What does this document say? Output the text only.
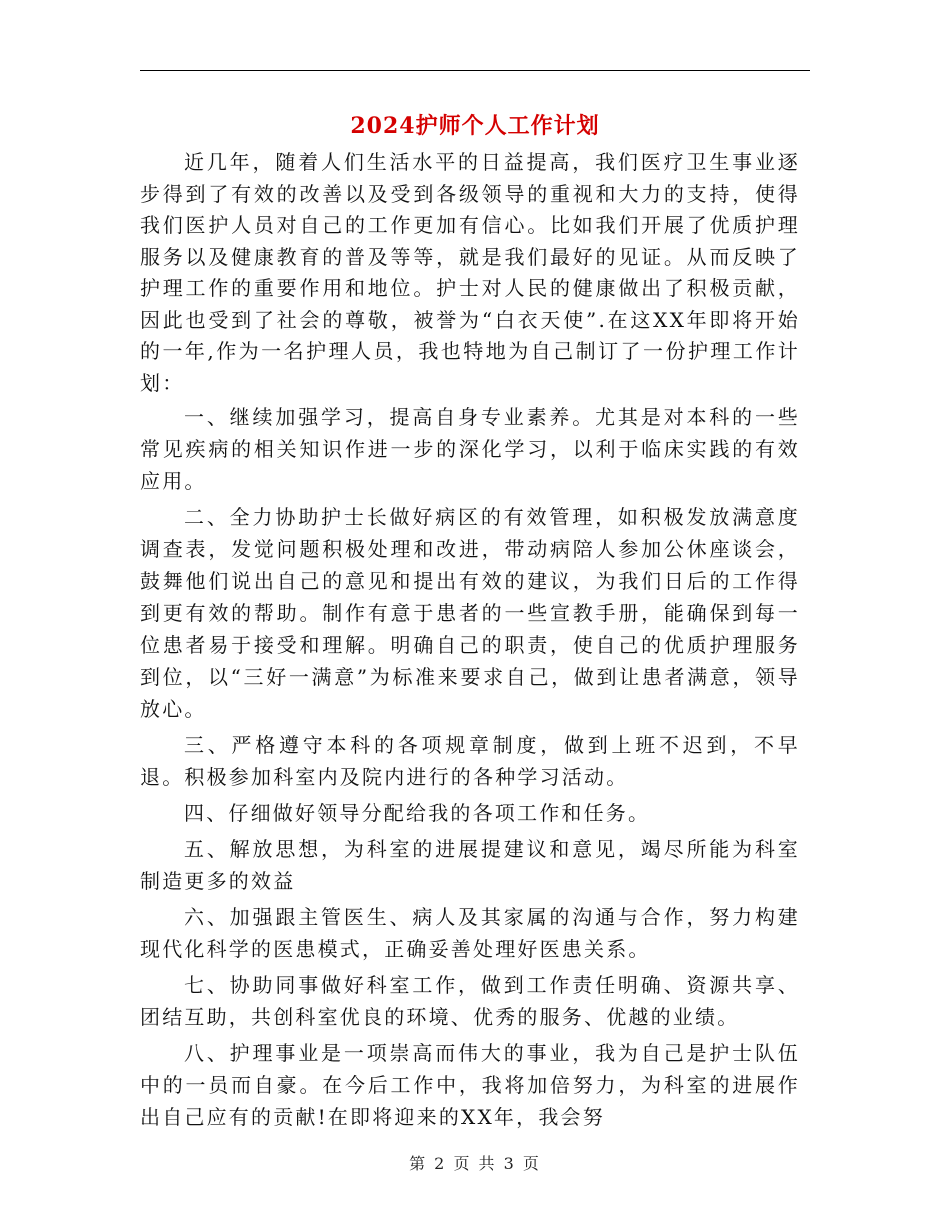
2024护师个人工作计划

近几年，随着人们生活水平的日益提高，我们医疗卫生事业逐步得到了有效的改善以及受到各级领导的重视和大力的支持，使得我们医护人员对自己的工作更加有信心。比如我们开展了优质护理服务以及健康教育的普及等等，就是我们最好的见证。从而反映了护理工作的重要作用和地位。护士对人民的健康做出了积极贡献，因此也受到了社会的尊敬，被誉为“白衣天使”.在这XX年即将开始的一年,作为一名护理人员，我也特地为自己制订了一份护理工作计划：

一、继续加强学习，提高自身专业素养。尤其是对本科的一些常见疾病的相关知识作进一步的深化学习，以利于临床实践的有效应用。

二、全力协助护士长做好病区的有效管理，如积极发放满意度调查表，发觉问题积极处理和改进，带动病陪人参加公休座谈会，鼓舞他们说出自己的意见和提出有效的建议，为我们日后的工作得到更有效的帮助。制作有意于患者的一些宣教手册，能确保到每一位患者易于接受和理解。明确自己的职责，使自己的优质护理服务到位，以“三好一满意”为标准来要求自己，做到让患者满意，领导放心。

三、严格遵守本科的各项规章制度，做到上班不迟到，不早退。积极参加科室内及院内进行的各种学习活动。

四、仔细做好领导分配给我的各项工作和任务。

五、解放思想，为科室的进展提建议和意见，竭尽所能为科室制造更多的效益

六、加强跟主管医生、病人及其家属的沟通与合作，努力构建现代化科学的医患模式，正确妥善处理好医患关系。

七、协助同事做好科室工作，做到工作责任明确、资源共享、团结互助，共创科室优良的环境、优秀的服务、优越的业绩。

八、护理事业是一项崇高而伟大的事业，我为自己是护士队伍中的一员而自豪。在今后工作中，我将加倍努力，为科室的进展作出自己应有的贡献!在即将迎来的XX年，我会努

第 2 页 共 3 页
